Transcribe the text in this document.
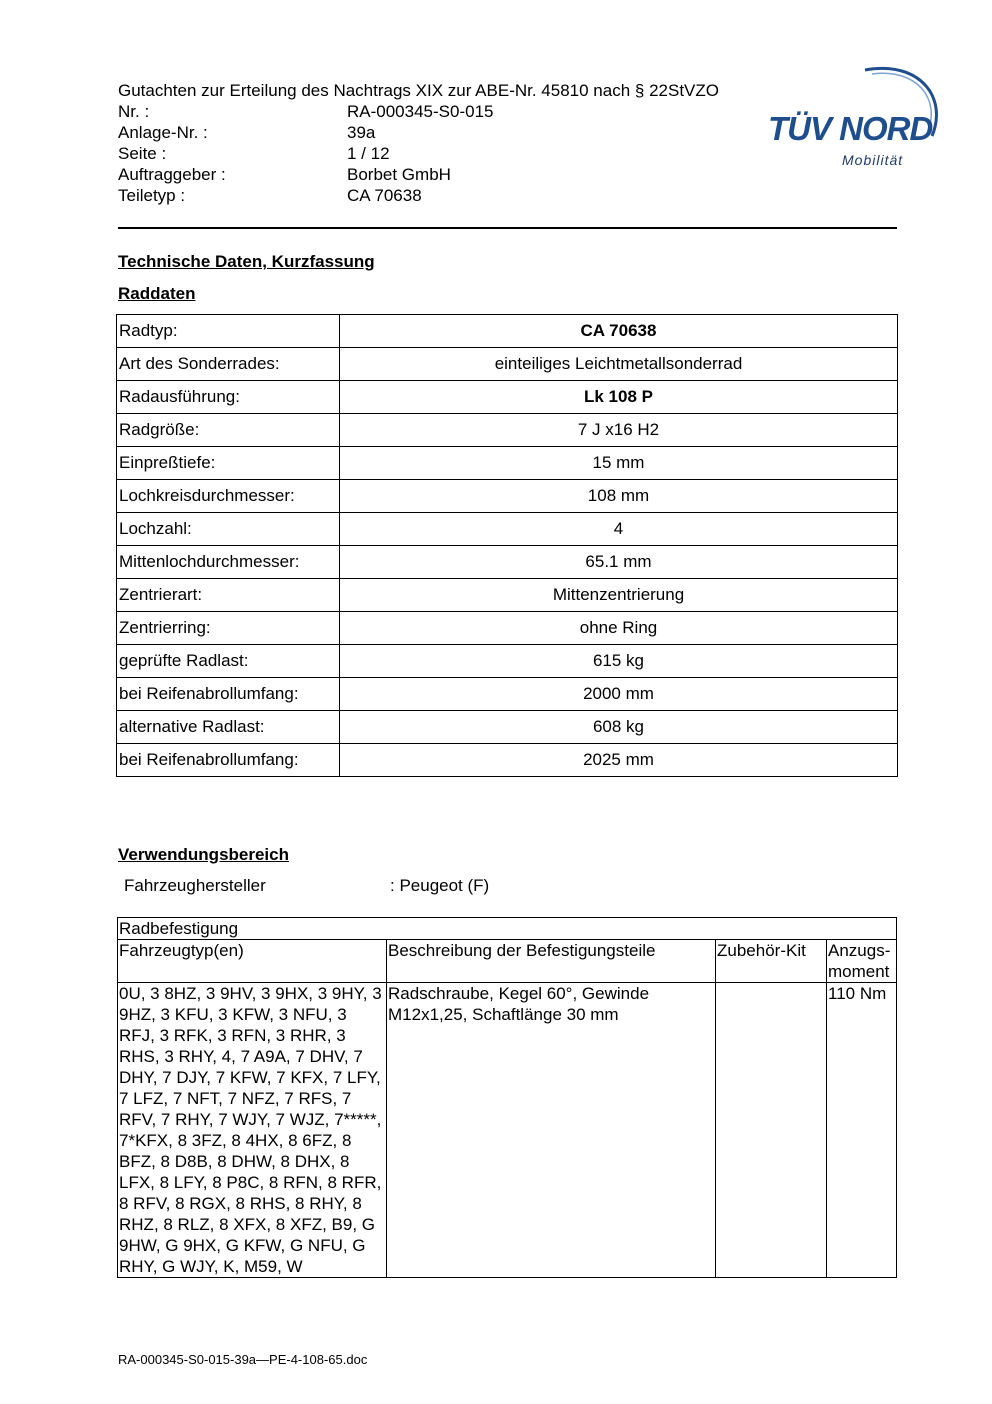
Gutachten zur Erteilung des Nachtrags XIX zur ABE-Nr. 45810 nach § 22StVZO
Nr. :	RA-000345-S0-015
Anlage-Nr. :	39a
Seite :	1 / 12
Auftraggeber :	Borbet GmbH
Teiletyp :	CA 70638
TÜV NORD
Mobilität
Technische Daten, Kurzfassung
Raddaten
Radtyp:	CA 70638
Art des Sonderrades:	einteiliges Leichtmetallsonderrad
Radausführung:	Lk 108 P
Radgröße:	7 J x16 H2
Einpreßtiefe:	15 mm
Lochkreisdurchmesser:	108 mm
Lochzahl:	4
Mittenlochdurchmesser:	65.1 mm
Zentrierart:	Mittenzentrierung
Zentrierring:	ohne Ring
geprüfte Radlast:	615 kg
bei Reifenabrollumfang:	2000 mm
alternative Radlast:	608 kg
bei Reifenabrollumfang:	2025 mm
Verwendungsbereich
Fahrzeughersteller	: Peugeot (F)
Radbefestigung			
Fahrzeugtyp(en)	Beschreibung der Befestigungsteile	Zubehör-Kit	Anzugs-moment
0U, 3 8HZ, 3 9HV, 3 9HX, 3 9HY, 3 9HZ, 3 KFU, 3 KFW, 3 NFU, 3 RFJ, 3 RFK, 3 RFN, 3 RHR, 3 RHS, 3 RHY, 4, 7 A9A, 7 DHV, 7 DHY, 7 DJY, 7 KFW, 7 KFX, 7 LFY, 7 LFZ, 7 NFT, 7 NFZ, 7 RFS, 7 RFV, 7 RHY, 7 WJY, 7 WJZ, 7*****, 7*KFX, 8 3FZ, 8 4HX, 8 6FZ, 8 BFZ, 8 D8B, 8 DHW, 8 DHX, 8 LFX, 8 LFY, 8 P8C, 8 RFN, 8 RFR, 8 RFV, 8 RGX, 8 RHS, 8 RHY, 8 RHZ, 8 RLZ, 8 XFX, 8 XFZ, B9, G 9HW, G 9HX, G KFW, G NFU, G RHY, G WJY, K, M59, W	Radschraube, Kegel 60°, Gewinde M12x1,25, Schaftlänge 30 mm		110 Nm
RA-000345-S0-015-39a—PE-4-108-65.doc
